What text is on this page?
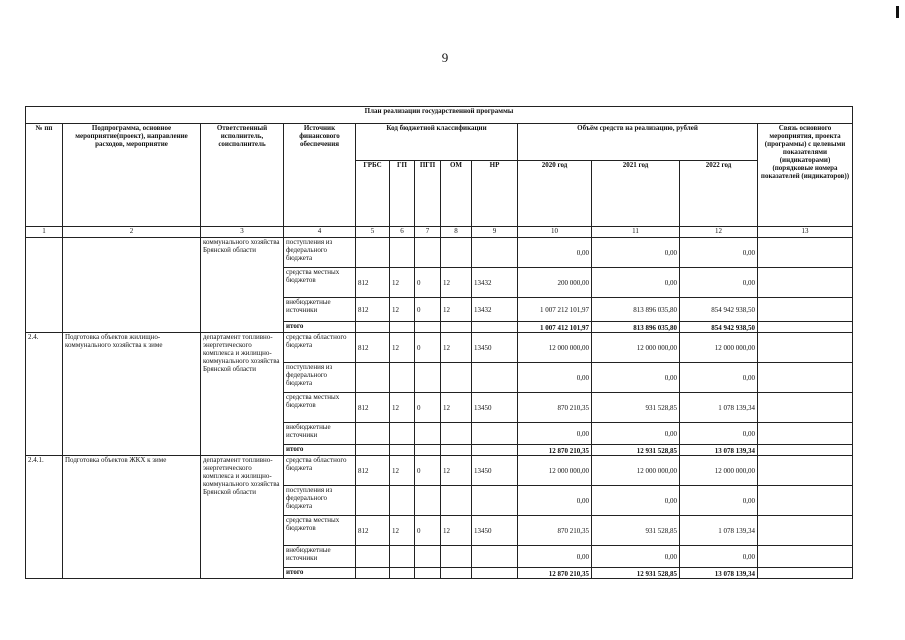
9
План реализации государственной программы												
№ пп	Подпрограмма, основное мероприятие(проект), направление расходов, мероприятие	Ответственный исполнитель, соисполнитель	Источник финансового обеспечения	Код бюджетной классификации					Объём средств на реализацию, рублей			Связь основного мероприятия, проекта (программы) с целевыми показателями (индикаторами) (порядковые номера показателей (индикаторов))
				ГРБС	ГП	ПГП	ОМ	НР	2020 год	2021 год	2022 год	
1	2	3	4	5	6	7	8	9	10	11	12	13
		коммунального хозяйства Брянской области	поступления из федерального бюджета						0,00	0,00	0,00	
			средства местных бюджетов	812	12	0	12	13432	200 000,00	0,00	0,00	
			внебюджетные источники	812	12	0	12	13432	1 007 212 101,97	813 896 035,80	854 942 938,50	
			итого						1 007 412 101,97	813 896 035,80	854 942 938,50	
2.4.	Подготовка объектов жилищно-коммунального хозяйства к зиме	департамент топливно-энергетического комплекса и жилищно-коммунального хозяйства Брянской области	средства областного бюджета	812	12	0	12	13450	12 000 000,00	12 000 000,00	12 000 000,00	
			поступления из федерального бюджета						0,00	0,00	0,00	
			средства местных бюджетов	812	12	0	12	13450	870 210,35	931 528,85	1 078 139,34	
			внебюджетные источники						0,00	0,00	0,00	
			итого						12 870 210,35	12 931 528,85	13 078 139,34	
2.4.1.	Подготовка объектов ЖКХ к зиме	департамент топливно-энергетического комплекса и жилищно-коммунального хозяйства Брянской области	средства областного бюджета	812	12	0	12	13450	12 000 000,00	12 000 000,00	12 000 000,00	
			поступления из федерального бюджета						0,00	0,00	0,00	
			средства местных бюджетов	812	12	0	12	13450	870 210,35	931 528,85	1 078 139,34	
			внебюджетные источники						0,00	0,00	0,00	
			итого						12 870 210,35	12 931 528,85	13 078 139,34	
